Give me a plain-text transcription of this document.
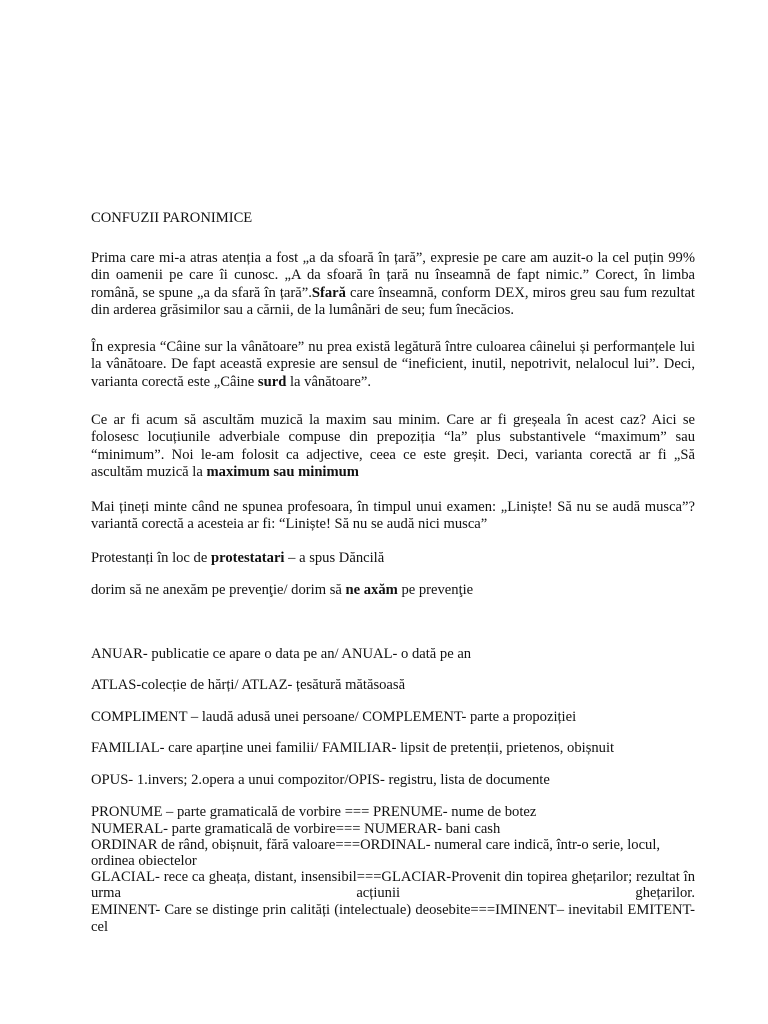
CONFUZII PARONIMICE
Prima care mi-a atras atenția a fost „a da sfoară în țară”, expresie pe care am auzit-o la cel puțin 99% din oamenii pe care îi cunosc. „A da sfoară în țară nu înseamnă de fapt nimic.” Corect, în limba română, se spune „a da sfară în țară”.Sfară care înseamnă, conform DEX, miros greu sau fum rezultat din arderea grăsimilor sau a cărnii, de la lumânări de seu; fum înecăcios.
În expresia “Câine sur la vânătoare” nu prea există legătură între culoarea câinelui și performanțele lui la vânătoare. De fapt această expresie are sensul de “ineficient, inutil, nepotrivit, nelalocul lui”. Deci, varianta corectă este „Câine surd la vânătoare”.
Ce ar fi acum să ascultăm muzică la maxim sau minim. Care ar fi greșeala în acest caz? Aici se folosesc locuțiunile adverbiale compuse din prepoziția “la” plus substantivele “maximum” sau “minimum”. Noi le-am folosit ca adjective, ceea ce este greșit. Deci, varianta corectă ar fi „Să ascultăm muzică la maximum sau minimum
Mai țineți minte când ne spunea profesoara, în timpul unui examen: „Liniște! Să nu se audă musca”? variantă corectă a acesteia ar fi: “Liniște! Să nu se audă nici musca”
Protestanți în loc de protestatari – a spus Dăncilă
dorim să ne anexăm pe prevenţie/ dorim să ne axăm pe prevenţie
ANUAR- publicatie ce apare o data pe an/ ANUAL- o dată pe an
ATLAS-colecție de hărți/ ATLAZ- țesătură mătăsoasă
COMPLIMENT – laudă adusă unei persoane/ COMPLEMENT- parte a propoziției
FAMILIAL- care aparține unei familii/ FAMILIAR- lipsit de pretenții, prietenos, obișnuit
OPUS- 1.invers; 2.opera a unui compozitor/OPIS- registru, lista de documente
PRONUME – parte gramaticală de vorbire === PRENUME- nume de botez
NUMERAL- parte gramaticală de vorbire=== NUMERAR- bani cash
ORDINAR de rând, obișnuit, fără valoare===ORDINAL- numeral care indică, într-o serie, locul, ordinea obiectelor
GLACIAL- rece ca gheața, distant, insensibil===GLACIAR-Provenit din topirea ghețarilor; rezultat în urma acțiunii ghețarilor.
EMINENT- Care se distinge prin calități (intelectuale) deosebite===IMINENT– inevitabil EMITENT- cel
